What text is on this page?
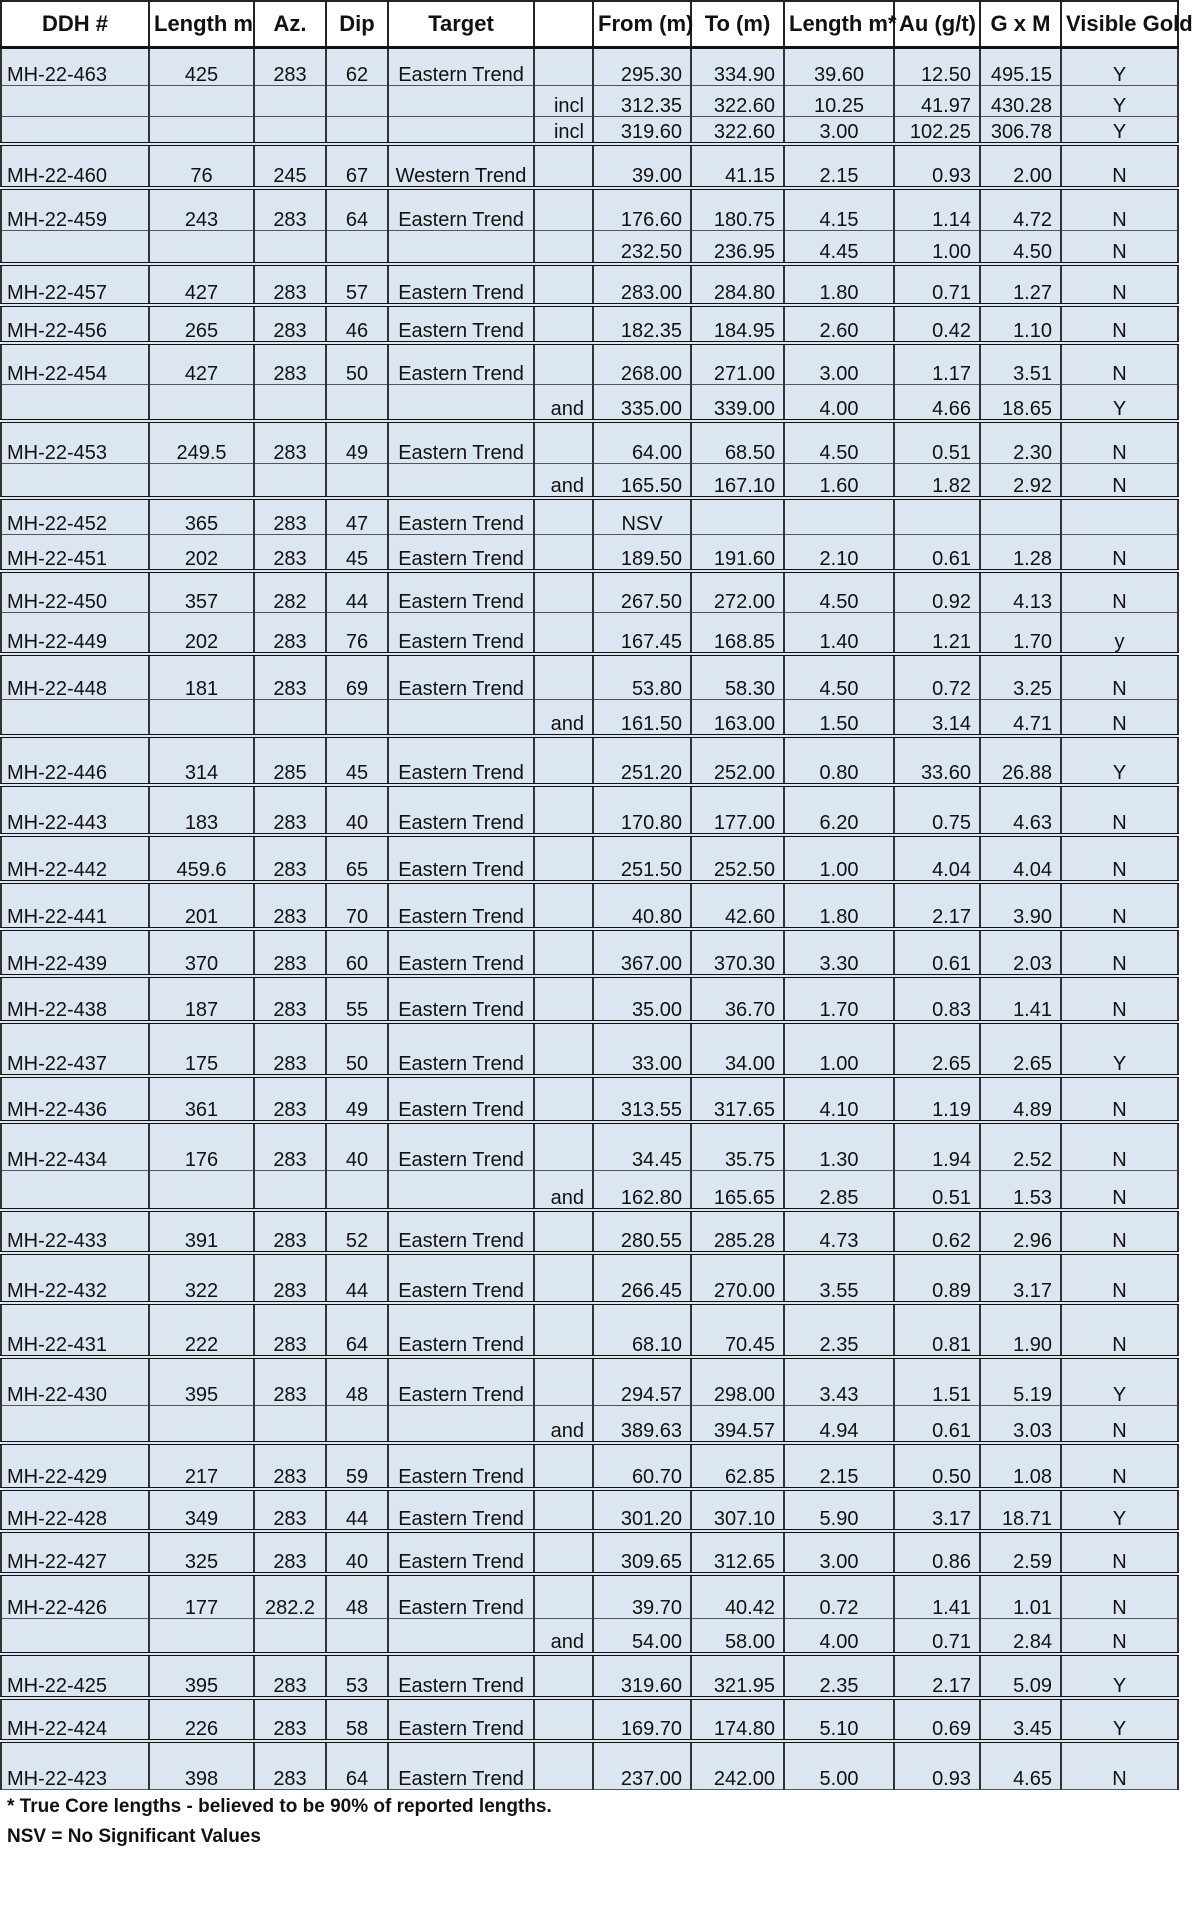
DDH #	Length m	Az.	Dip	Target		From (m)	To (m)	Length m*	Au (g/t)	G x M	Visible Gold
MH-22-463	425	283	62	Eastern Trend		295.30	334.90	39.60	12.50	495.15	Y
					incl	312.35	322.60	10.25	41.97	430.28	Y
					incl	319.60	322.60	3.00	102.25	306.78	Y
MH-22-460	76	245	67	Western Trend		39.00	41.15	2.15	0.93	2.00	N
MH-22-459	243	283	64	Eastern Trend		176.60	180.75	4.15	1.14	4.72	N
						232.50	236.95	4.45	1.00	4.50	N
MH-22-457	427	283	57	Eastern Trend		283.00	284.80	1.80	0.71	1.27	N
MH-22-456	265	283	46	Eastern Trend		182.35	184.95	2.60	0.42	1.10	N
MH-22-454	427	283	50	Eastern Trend		268.00	271.00	3.00	1.17	3.51	N
					and	335.00	339.00	4.00	4.66	18.65	Y
MH-22-453	249.5	283	49	Eastern Trend		64.00	68.50	4.50	0.51	2.30	N
					and	165.50	167.10	1.60	1.82	2.92	N
MH-22-452	365	283	47	Eastern Trend		NSV					
MH-22-451	202	283	45	Eastern Trend		189.50	191.60	2.10	0.61	1.28	N
MH-22-450	357	282	44	Eastern Trend		267.50	272.00	4.50	0.92	4.13	N
MH-22-449	202	283	76	Eastern Trend		167.45	168.85	1.40	1.21	1.70	y
MH-22-448	181	283	69	Eastern Trend		53.80	58.30	4.50	0.72	3.25	N
					and	161.50	163.00	1.50	3.14	4.71	N
MH-22-446	314	285	45	Eastern Trend		251.20	252.00	0.80	33.60	26.88	Y
MH-22-443	183	283	40	Eastern Trend		170.80	177.00	6.20	0.75	4.63	N
MH-22-442	459.6	283	65	Eastern Trend		251.50	252.50	1.00	4.04	4.04	N
MH-22-441	201	283	70	Eastern Trend		40.80	42.60	1.80	2.17	3.90	N
MH-22-439	370	283	60	Eastern Trend		367.00	370.30	3.30	0.61	2.03	N
MH-22-438	187	283	55	Eastern Trend		35.00	36.70	1.70	0.83	1.41	N
MH-22-437	175	283	50	Eastern Trend		33.00	34.00	1.00	2.65	2.65	Y
MH-22-436	361	283	49	Eastern Trend		313.55	317.65	4.10	1.19	4.89	N
MH-22-434	176	283	40	Eastern Trend		34.45	35.75	1.30	1.94	2.52	N
					and	162.80	165.65	2.85	0.51	1.53	N
MH-22-433	391	283	52	Eastern Trend		280.55	285.28	4.73	0.62	2.96	N
MH-22-432	322	283	44	Eastern Trend		266.45	270.00	3.55	0.89	3.17	N
MH-22-431	222	283	64	Eastern Trend		68.10	70.45	2.35	0.81	1.90	N
MH-22-430	395	283	48	Eastern Trend		294.57	298.00	3.43	1.51	5.19	Y
					and	389.63	394.57	4.94	0.61	3.03	N
MH-22-429	217	283	59	Eastern Trend		60.70	62.85	2.15	0.50	1.08	N
MH-22-428	349	283	44	Eastern Trend		301.20	307.10	5.90	3.17	18.71	Y
MH-22-427	325	283	40	Eastern Trend		309.65	312.65	3.00	0.86	2.59	N
MH-22-426	177	282.2	48	Eastern Trend		39.70	40.42	0.72	1.41	1.01	N
					and	54.00	58.00	4.00	0.71	2.84	N
MH-22-425	395	283	53	Eastern Trend		319.60	321.95	2.35	2.17	5.09	Y
MH-22-424	226	283	58	Eastern Trend		169.70	174.80	5.10	0.69	3.45	Y
MH-22-423	398	283	64	Eastern Trend		237.00	242.00	5.00	0.93	4.65	N
* True Core lengths - believed to be 90% of reported lengths.
NSV = No Significant Values
